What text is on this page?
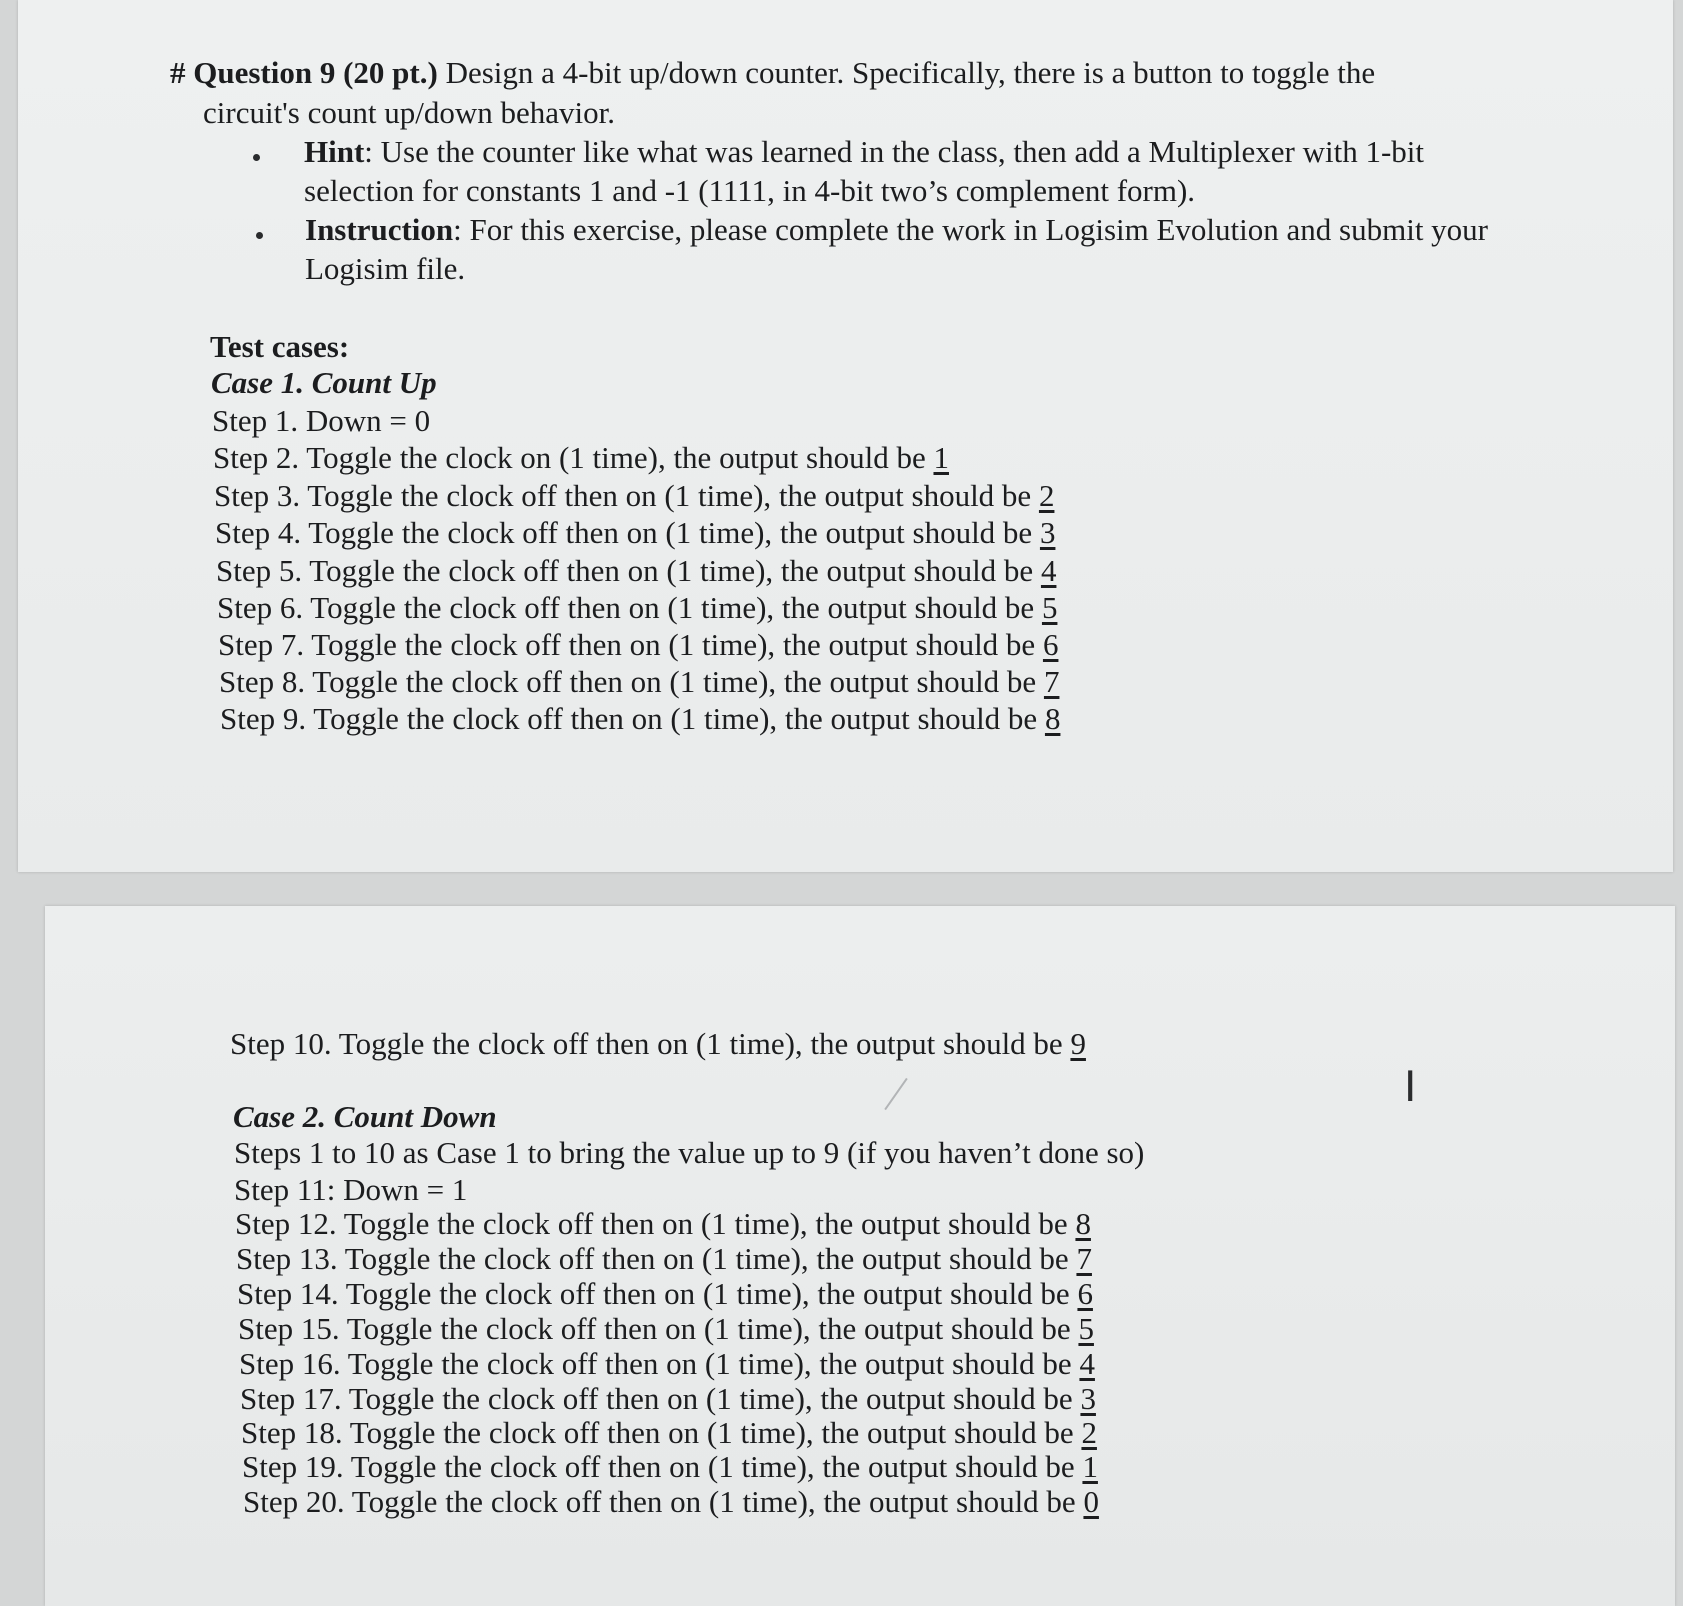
# Question 9 (20 pt.) Design a 4-bit up/down counter. Specifically, there is a button to toggle the
circuit's count up/down behavior.
Hint: Use the counter like what was learned in the class, then add a Multiplexer with 1-bit
selection for constants 1 and -1 (1111, in 4-bit two’s complement form).
Instruction: For this exercise, please complete the work in Logisim Evolution and submit your
Logisim file.
Test cases:
Case 1. Count Up
Step 1. Down = 0
Step 2. Toggle the clock on (1 time), the output should be 1
Step 3. Toggle the clock off then on (1 time), the output should be 2
Step 4. Toggle the clock off then on (1 time), the output should be 3
Step 5. Toggle the clock off then on (1 time), the output should be 4
Step 6. Toggle the clock off then on (1 time), the output should be 5
Step 7. Toggle the clock off then on (1 time), the output should be 6
Step 8. Toggle the clock off then on (1 time), the output should be 7
Step 9. Toggle the clock off then on (1 time), the output should be 8
Step 10. Toggle the clock off then on (1 time), the output should be 9
I
Case 2. Count Down
Steps 1 to 10 as Case 1 to bring the value up to 9 (if you haven’t done so)
Step 11: Down = 1
Step 12. Toggle the clock off then on (1 time), the output should be 8
Step 13. Toggle the clock off then on (1 time), the output should be 7
Step 14. Toggle the clock off then on (1 time), the output should be 6
Step 15. Toggle the clock off then on (1 time), the output should be 5
Step 16. Toggle the clock off then on (1 time), the output should be 4
Step 17. Toggle the clock off then on (1 time), the output should be 3
Step 18. Toggle the clock off then on (1 time), the output should be 2
Step 19. Toggle the clock off then on (1 time), the output should be 1
Step 20. Toggle the clock off then on (1 time), the output should be 0
